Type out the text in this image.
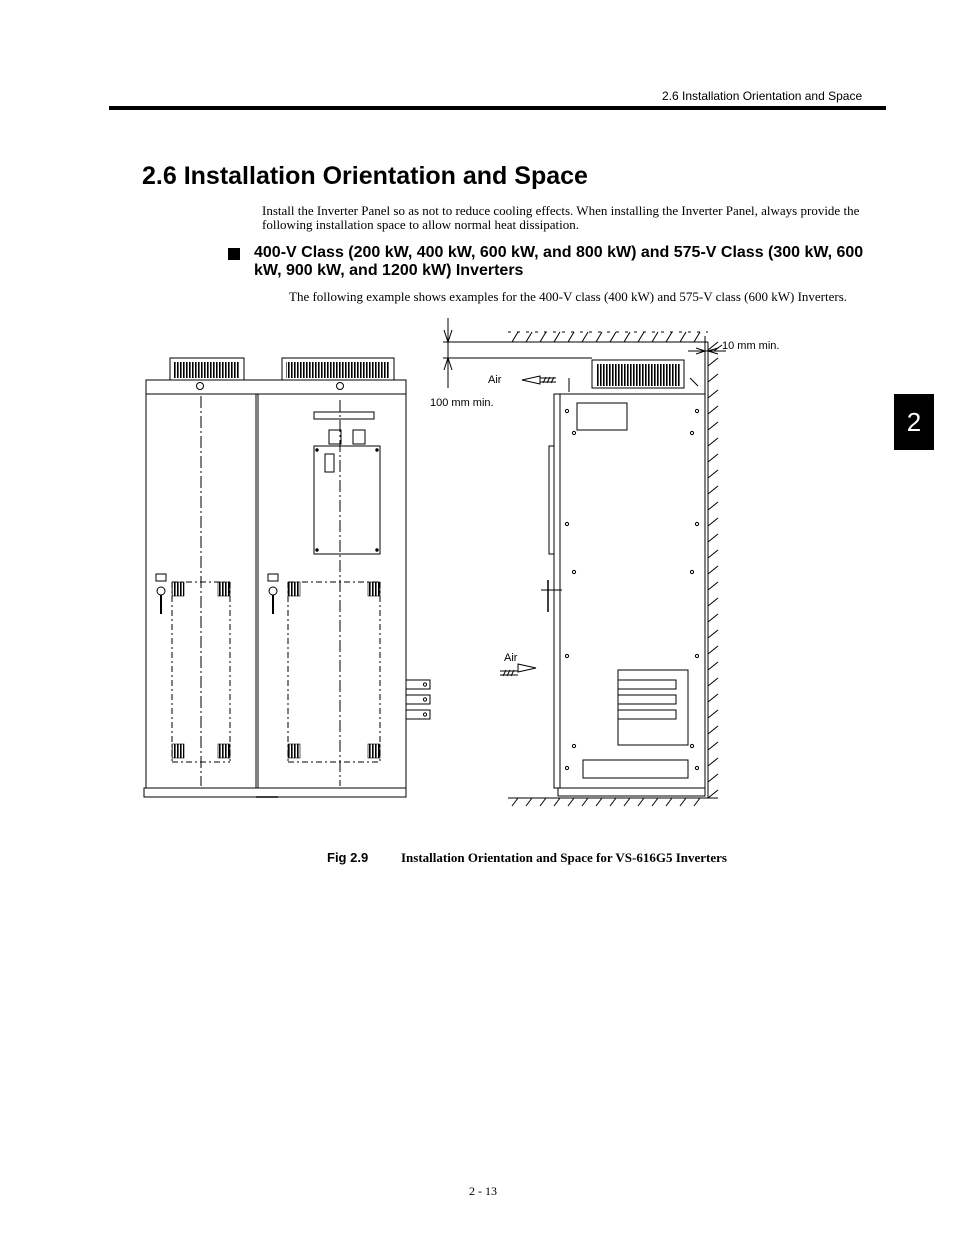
2.6 Installation Orientation and Space
2
2.6 Installation Orientation and Space

Install the Inverter Panel so as not to reduce cooling effects. When installing the Inverter Panel, always provide the following installation space to allow normal heat dissipation.

400-V Class (200 kW, 400 kW, 600 kW, and 800 kW) and 575-V Class (300 kW, 600 kW, 900 kW, and 1200 kW) Inverters

The following example shows examples for the 400-V class (400 kW) and 575-V class (600 kW) Inverters.

10 mm min.
100 mm min.
Air
Air
Fig 2.9	Installation Orientation and Space for VS-616G5 Inverters
2 - 13
